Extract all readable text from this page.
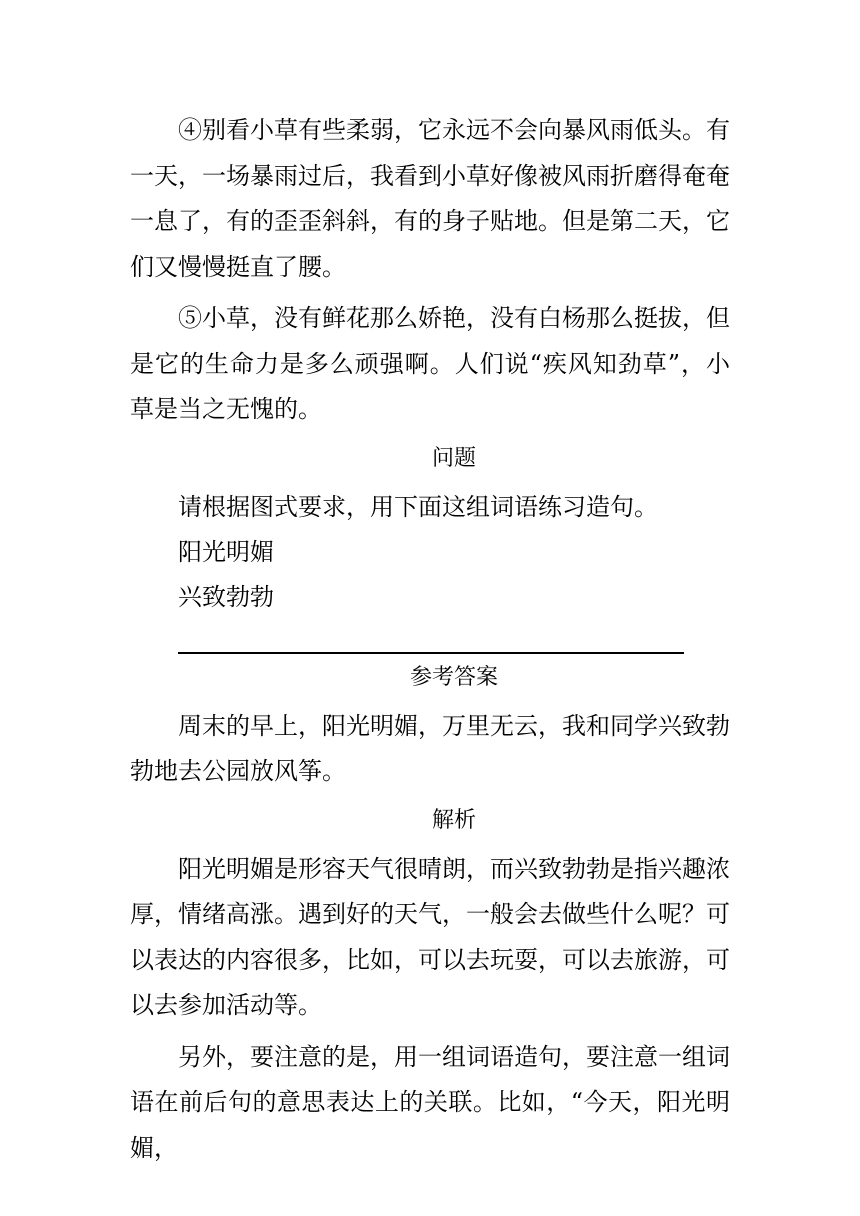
④别看小草有些柔弱，它永远不会向暴风雨低头。有一天，一场暴雨过后，我看到小草好像被风雨折磨得奄奄一息了，有的歪歪斜斜，有的身子贴地。但是第二天，它们又慢慢挺直了腰。

⑤小草，没有鲜花那么娇艳，没有白杨那么挺拔，但是它的生命力是多么顽强啊。人们说“疾风知劲草”，小草是当之无愧的。

问题

请根据图式要求，用下面这组词语练习造句。

阳光明媚

兴致勃勃

参考答案

周末的早上，阳光明媚，万里无云，我和同学兴致勃勃地去公园放风筝。

解析

阳光明媚是形容天气很晴朗，而兴致勃勃是指兴趣浓厚，情绪高涨。遇到好的天气，一般会去做些什么呢？可以表达的内容很多，比如，可以去玩耍，可以去旅游，可以去参加活动等。

另外，要注意的是，用一组词语造句，要注意一组词语在前后句的意思表达上的关联。比如，“今天，阳光明媚，
